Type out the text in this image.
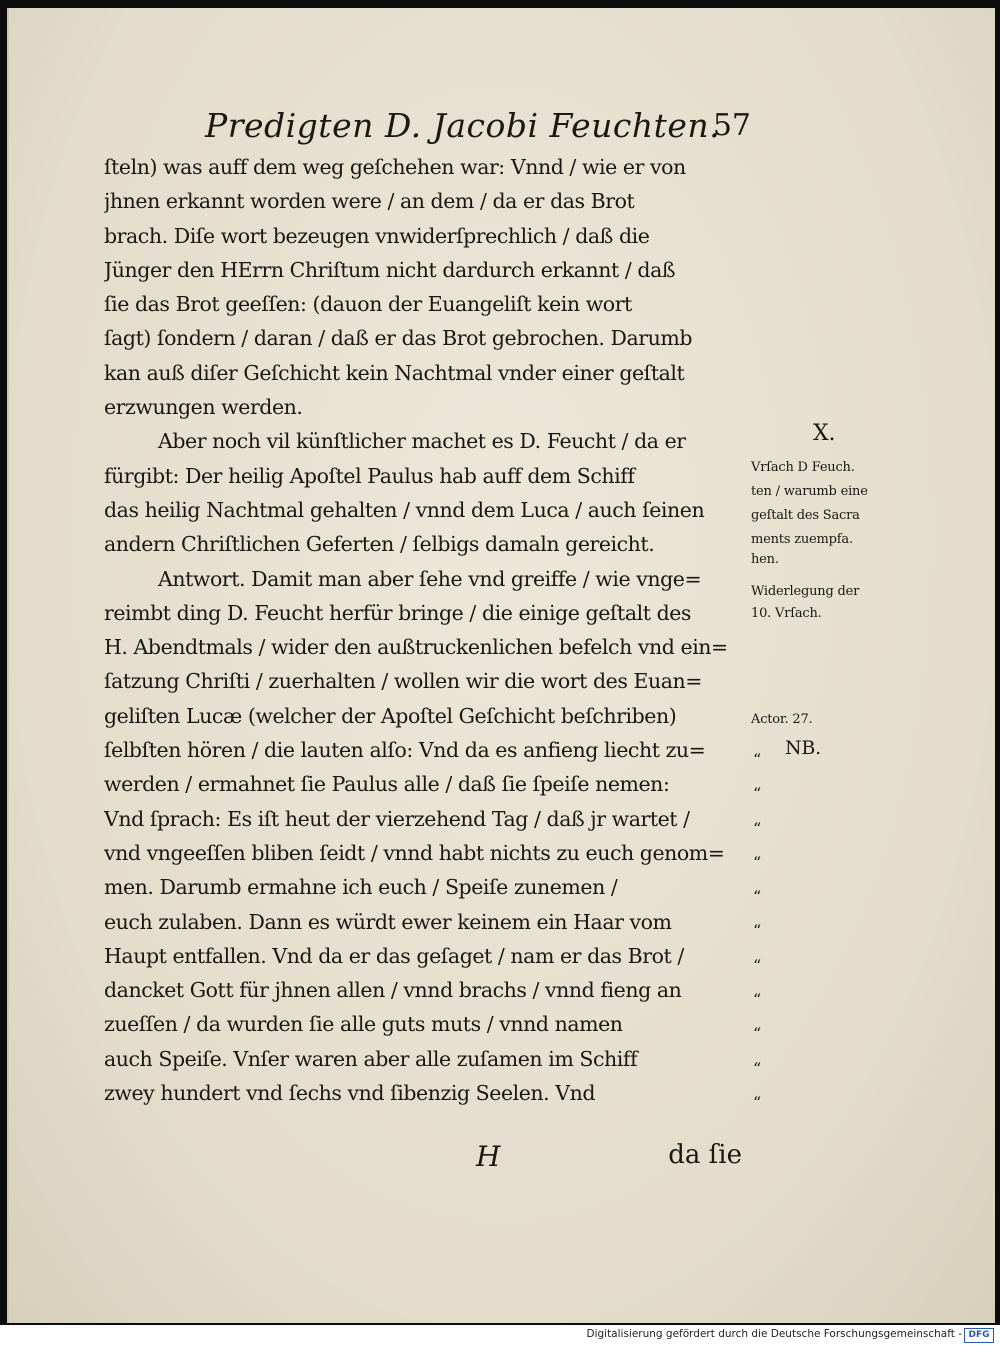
Predigten D. Jacobi Feuchten.
57
ſteln) was auff dem weg geſchehen war: Vnnd / wie er von
jhnen erkannt worden were / an dem / da er das Brot
brach. Diſe wort bezeugen vnwiderſprechlich / daß die
Jünger den HErrn Chriſtum nicht dardurch erkannt / daß
ſie das Brot geeſſen: (dauon der Euangeliſt kein wort
ſagt) ſondern / daran / daß er das Brot gebrochen. Darumb
kan auß diſer Geſchicht kein Nachtmal vnder einer geſtalt
erzwungen werden.
Aber noch vil künſtlicher machet es D. Feucht / da er
fürgibt: Der heilig Apoſtel Paulus hab auff dem Schiff
das heilig Nachtmal gehalten / vnnd dem Luca / auch ſeinen
andern Chriſtlichen Geferten / ſelbigs damaln gereicht.
Antwort. Damit man aber ſehe vnd greiffe / wie vnge=
reimbt ding D. Feucht herfür bringe / die einige geſtalt des
H. Abendtmals / wider den außtruckenlichen befelch vnd ein=
ſatzung Chriſti / zuerhalten / wollen wir die wort des Euan=
geliſten Lucæ (welcher der Apoſtel Geſchicht beſchriben)
ſelbſten hören / die lauten alſo: Vnd da es anfieng liecht zu=
werden / ermahnet ſie Paulus alle / daß ſie ſpeiſe nemen:
Vnd ſprach: Es iſt heut der vierzehend Tag / daß jr wartet /
vnd vngeeſſen bliben ſeidt / vnnd habt nichts zu euch genom=
men. Darumb ermahne ich euch / Speiſe zunemen /
euch zulaben. Dann es würdt ewer keinem ein Haar vom
Haupt entfallen. Vnd da er das geſaget / nam er das Brot /
dancket Gott für jhnen allen / vnnd brachs / vnnd fieng an
zueſſen / da wurden ſie alle guts muts / vnnd namen
auch Speiſe. Vnſer waren aber alle zuſamen im Schiff
zwey hundert vnd ſechs vnd ſibenzig Seelen. Vnd
X.
Vrſach D Feuch.
ten / warumb eine
geſtalt des Sacra
ments zuempfa.
hen.
Widerlegung der
10. Vrſach.
Actor. 27.
NB.
“
“
“
“
“
“
“
“
“
“
“
H	da ſie
Digitalisierung gefördert durch die Deutsche Forschungsgemeinschaft - DFG
